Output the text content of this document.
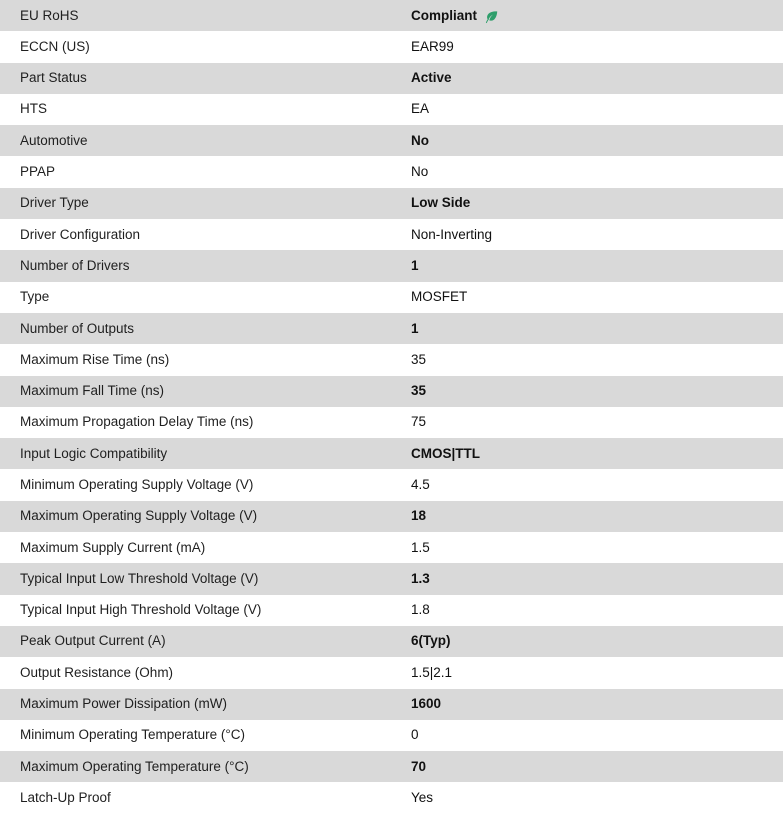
EU RoHS	Compliant

ECCN (US)	EAR99

Part Status	Active

HTS	EA

Automotive	No

PPAP	No

Driver Type	Low Side

Driver Configuration	Non-Inverting

Number of Drivers	1

Type	MOSFET

Number of Outputs	1

Maximum Rise Time (ns)	35

Maximum Fall Time (ns)	35

Maximum Propagation Delay Time (ns)	75

Input Logic Compatibility	CMOS|TTL

Minimum Operating Supply Voltage (V)	4.5

Maximum Operating Supply Voltage (V)	18

Maximum Supply Current (mA)	1.5

Typical Input Low Threshold Voltage (V)	1.3

Typical Input High Threshold Voltage (V)	1.8

Peak Output Current (A)	6(Typ)

Output Resistance (Ohm)	1.5|2.1

Maximum Power Dissipation (mW)	1600

Minimum Operating Temperature (°C)	0

Maximum Operating Temperature (°C)	70

Latch-Up Proof	Yes
